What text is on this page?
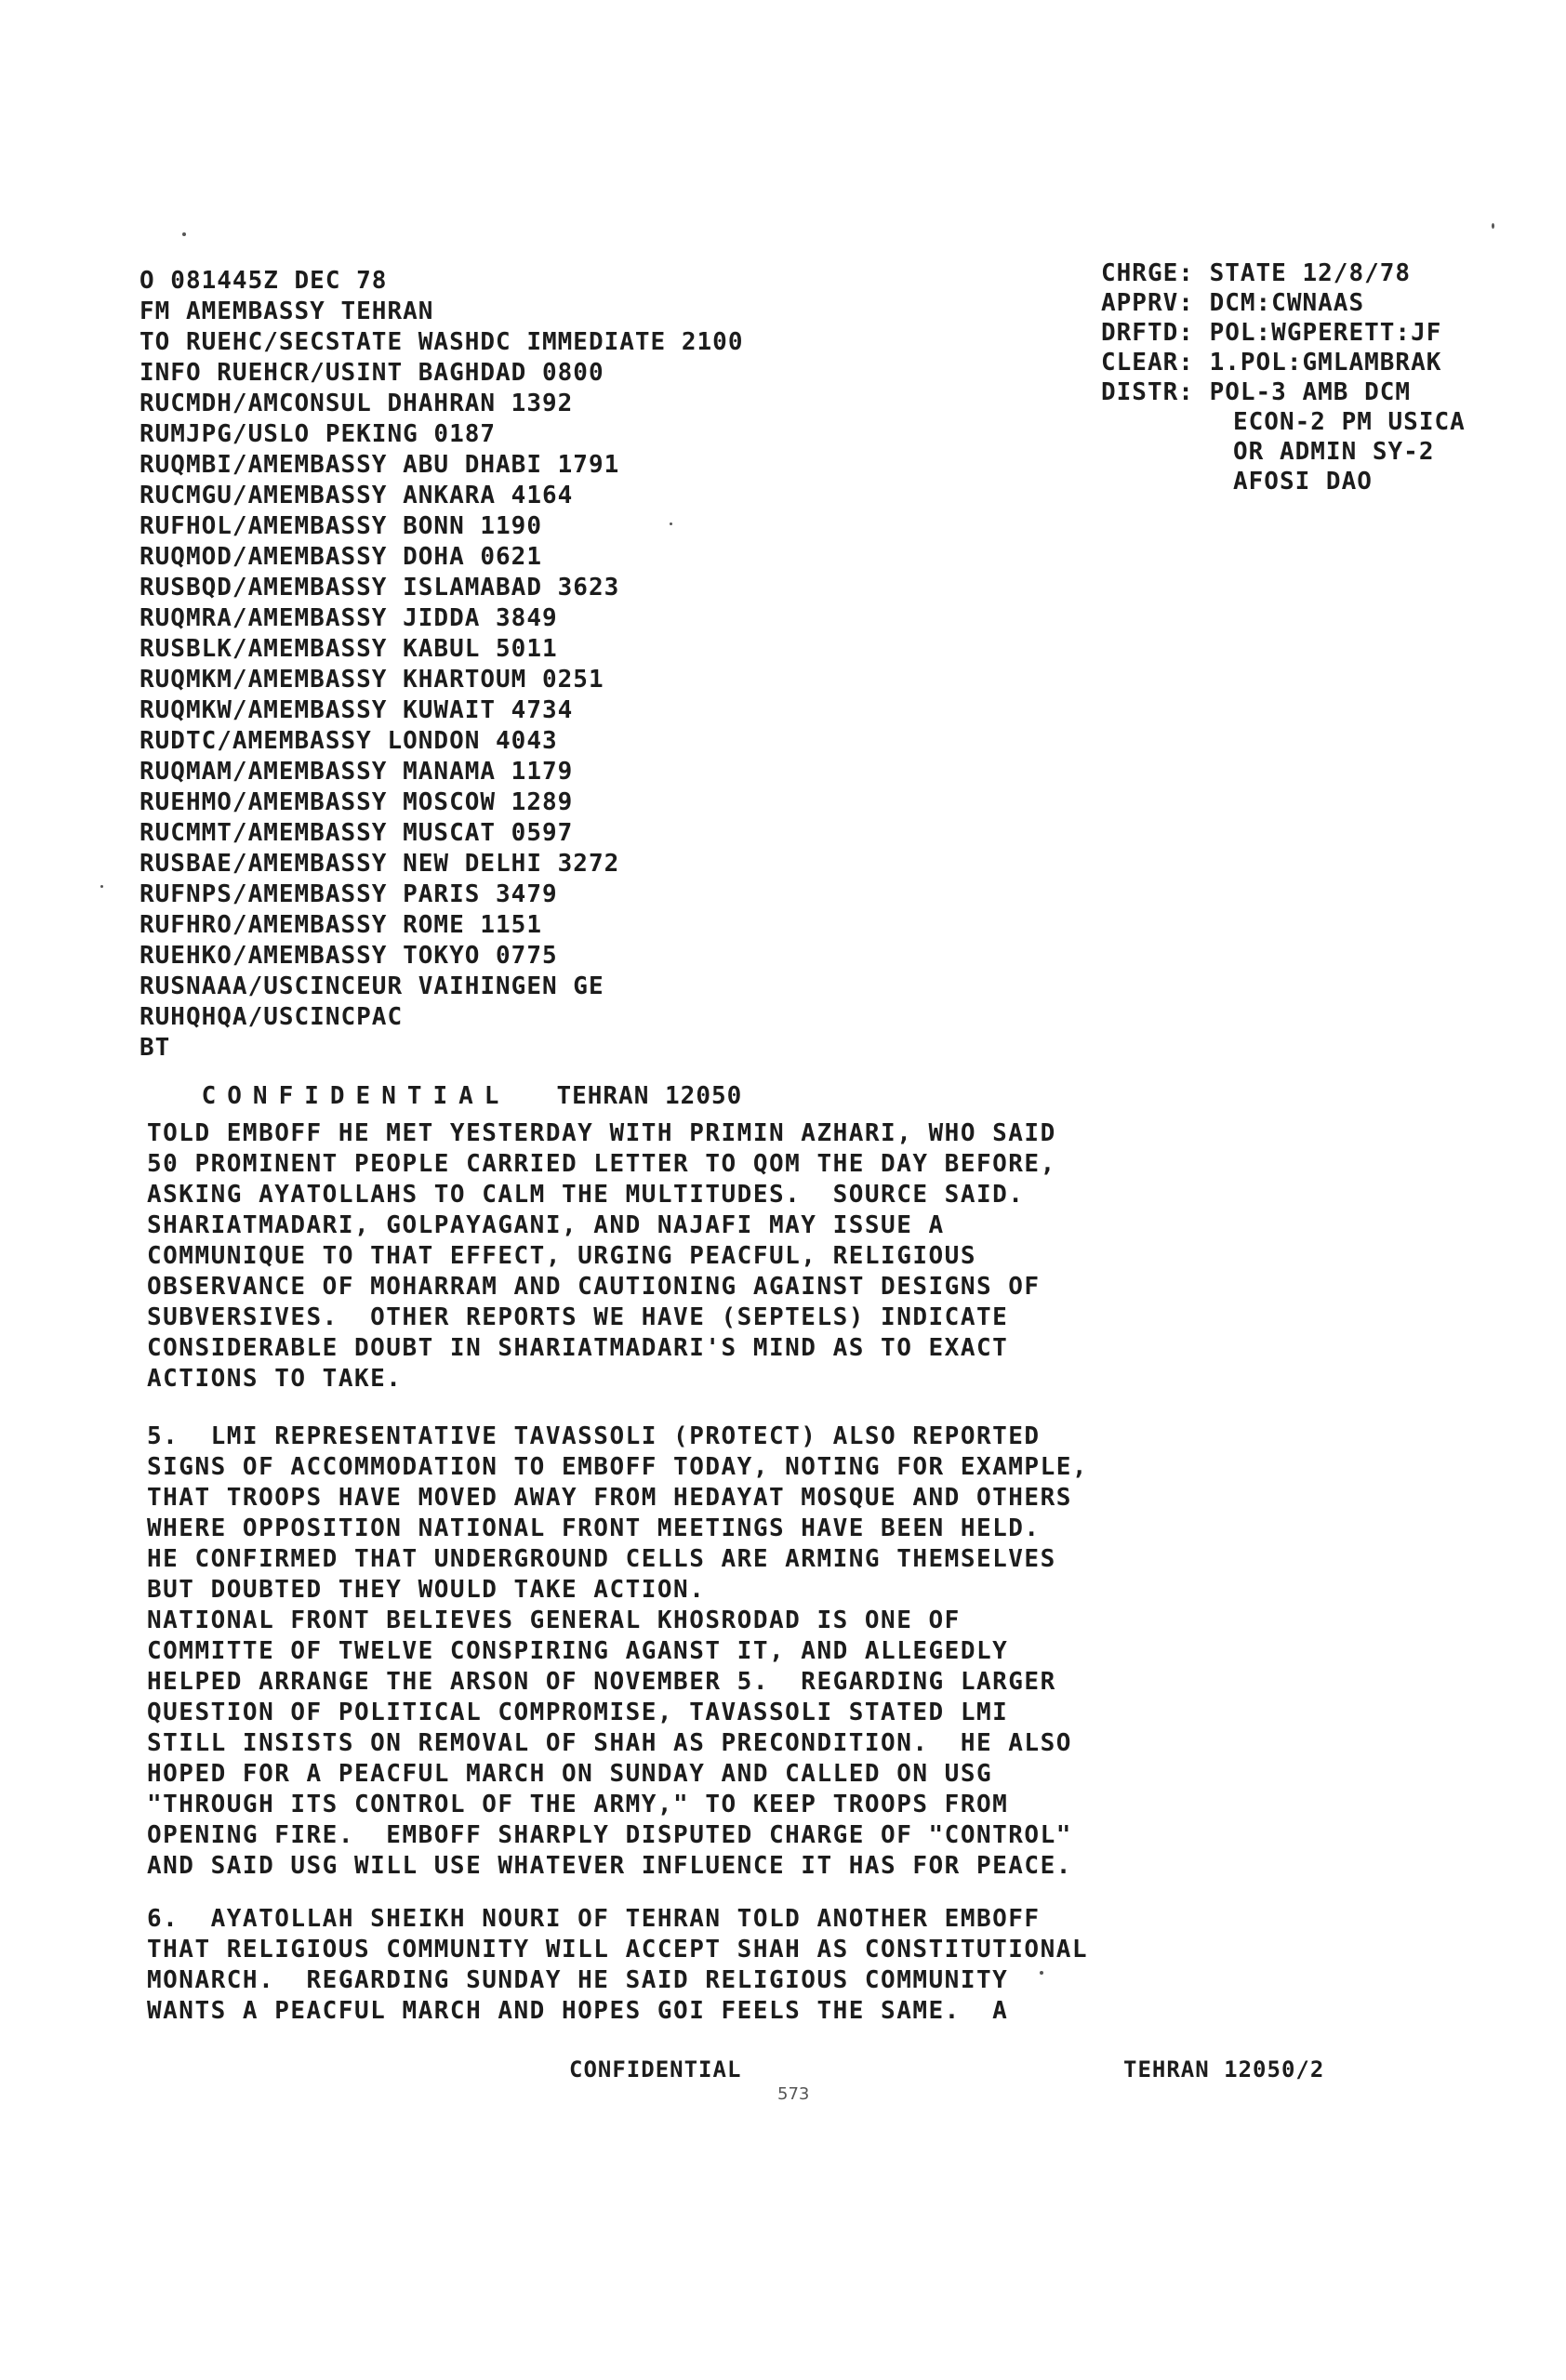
O 081445Z DEC 78
FM AMEMBASSY TEHRAN
TO RUEHC/SECSTATE WASHDC IMMEDIATE 2100
INFO RUEHCR/USINT BAGHDAD 0800
RUCMDH/AMCONSUL DHAHRAN 1392
RUMJPG/USLO PEKING 0187
RUQMBI/AMEMBASSY ABU DHABI 1791
RUCMGU/AMEMBASSY ANKARA 4164
RUFHOL/AMEMBASSY BONN 1190
RUQMOD/AMEMBASSY DOHA 0621
RUSBQD/AMEMBASSY ISLAMABAD 3623
RUQMRA/AMEMBASSY JIDDA 3849
RUSBLK/AMEMBASSY KABUL 5011
RUQMKM/AMEMBASSY KHARTOUM 0251
RUQMKW/AMEMBASSY KUWAIT 4734
RUDTC/AMEMBASSY LONDON 4043
RUQMAM/AMEMBASSY MANAMA 1179
RUEHMO/AMEMBASSY MOSCOW 1289
RUCMMT/AMEMBASSY MUSCAT 0597
RUSBAE/AMEMBASSY NEW DELHI 3272
RUFNPS/AMEMBASSY PARIS 3479
RUFHRO/AMEMBASSY ROME 1151
RUEHKO/AMEMBASSY TOKYO 0775
RUSNAAA/USCINCEUR VAIHINGEN GE
RUHQHQA/USCINCPAC
BT
CHRGE: STATE 12/8/78
APPRV: DCM:CWNAAS
DRFTD: POL:WGPERETT:JF
CLEAR: 1.POL:GMLAMBRAK
DISTR: POL-3 AMB DCM
ECON-2 PM USICA
OR ADMIN SY-2
AFOSI DAO

CONFIDENTIAL TEHRAN 12050

TOLD EMBOFF HE MET YESTERDAY WITH PRIMIN AZHARI, WHO SAID
50 PROMINENT PEOPLE CARRIED LETTER TO QOM THE DAY BEFORE,
ASKING AYATOLLAHS TO CALM THE MULTITUDES.  SOURCE SAID.
SHARIATMADARI, GOLPAYAGANI, AND NAJAFI MAY ISSUE A
COMMUNIQUE TO THAT EFFECT, URGING PEACFUL, RELIGIOUS
OBSERVANCE OF MOHARRAM AND CAUTIONING AGAINST DESIGNS OF
SUBVERSIVES.  OTHER REPORTS WE HAVE (SEPTELS) INDICATE
CONSIDERABLE DOUBT IN SHARIATMADARI'S MIND AS TO EXACT
ACTIONS TO TAKE.
5.  LMI REPRESENTATIVE TAVASSOLI (PROTECT) ALSO REPORTED
SIGNS OF ACCOMMODATION TO EMBOFF TODAY, NOTING FOR EXAMPLE,
THAT TROOPS HAVE MOVED AWAY FROM HEDAYAT MOSQUE AND OTHERS
WHERE OPPOSITION NATIONAL FRONT MEETINGS HAVE BEEN HELD.
HE CONFIRMED THAT UNDERGROUND CELLS ARE ARMING THEMSELVES
BUT DOUBTED THEY WOULD TAKE ACTION.
NATIONAL FRONT BELIEVES GENERAL KHOSRODAD IS ONE OF
COMMITTE OF TWELVE CONSPIRING AGANST IT, AND ALLEGEDLY
HELPED ARRANGE THE ARSON OF NOVEMBER 5.  REGARDING LARGER
QUESTION OF POLITICAL COMPROMISE, TAVASSOLI STATED LMI
STILL INSISTS ON REMOVAL OF SHAH AS PRECONDITION.  HE ALSO
HOPED FOR A PEACFUL MARCH ON SUNDAY AND CALLED ON USG
"THROUGH ITS CONTROL OF THE ARMY," TO KEEP TROOPS FROM
OPENING FIRE.  EMBOFF SHARPLY DISPUTED CHARGE OF "CONTROL"
AND SAID USG WILL USE WHATEVER INFLUENCE IT HAS FOR PEACE.
6.  AYATOLLAH SHEIKH NOURI OF TEHRAN TOLD ANOTHER EMBOFF
THAT RELIGIOUS COMMUNITY WILL ACCEPT SHAH AS CONSTITUTIONAL
MONARCH.  REGARDING SUNDAY HE SAID RELIGIOUS COMMUNITY
WANTS A PEACFUL MARCH AND HOPES GOI FEELS THE SAME.  A
CONFIDENTIAL	TEHRAN 12050/2
573
